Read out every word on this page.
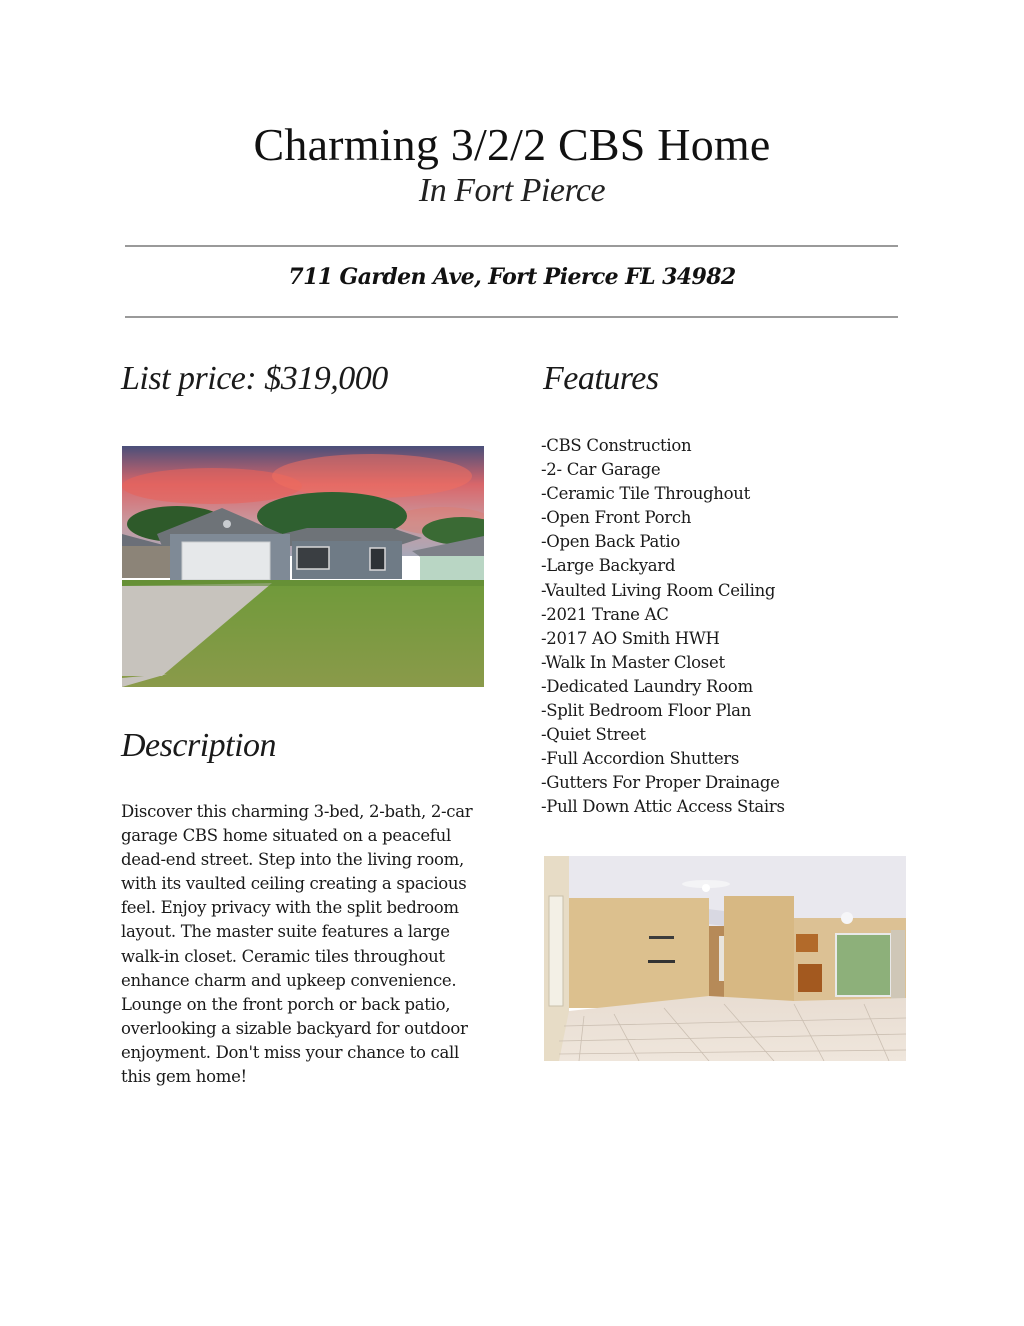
Charming 3/2/2 CBS Home
In Fort Pierce
711 Garden Ave, Fort Pierce FL 34982
List price: $319,000	Features
-CBS Construction
-2- Car Garage
-Ceramic Tile Throughout
-Open Front Porch
-Open Back Patio
-Large Backyard
-Vaulted Living Room Ceiling
-2021 Trane AC
-2017 AO Smith HWH
-Walk In Master Closet
-Dedicated Laundry Room
-Split Bedroom Floor Plan
-Quiet Street
-Full Accordion Shutters
-Gutters For Proper Drainage
-Pull Down Attic Access Stairs
Description

Discover this charming 3-bed, 2-bath, 2-car garage CBS home situated on a peaceful dead-end street. Step into the living room, with its vaulted ceiling creating a spacious feel. Enjoy privacy with the split bedroom layout. The master suite features a large walk-in closet. Ceramic tiles throughout enhance charm and upkeep convenience. Lounge on the front porch or back patio, overlooking a sizable backyard for outdoor enjoyment. Don't miss your chance to call this gem home!
